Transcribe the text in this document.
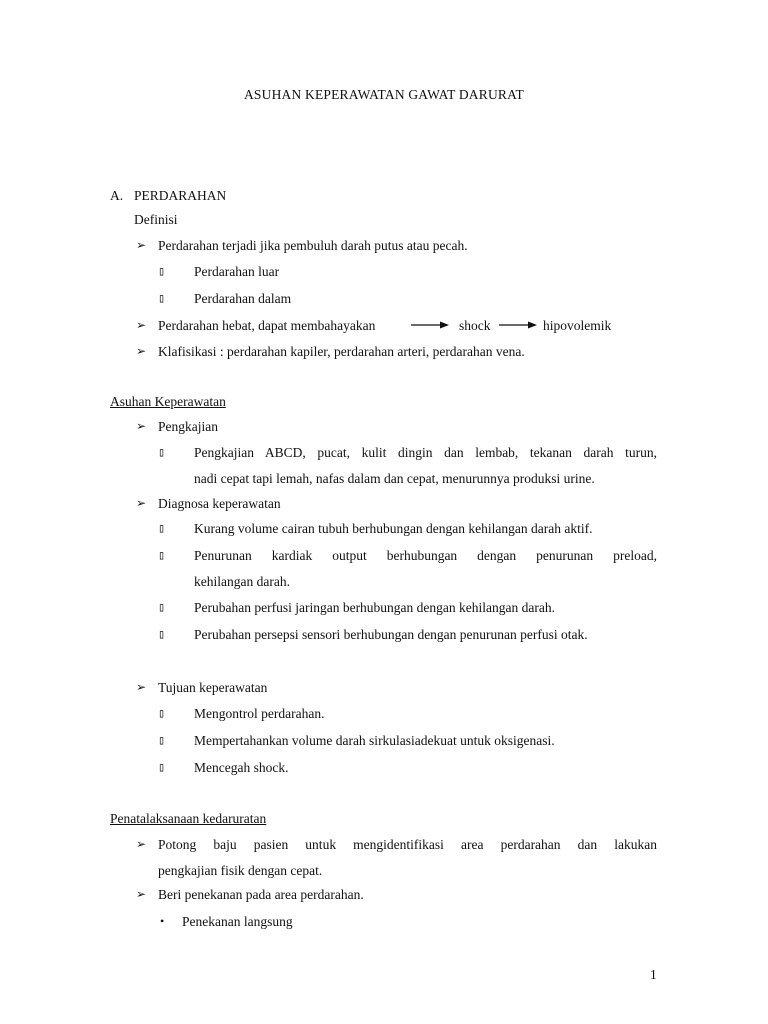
ASUHAN KEPERAWATAN GAWAT DARURAT
A. PERDARAHAN
Definisi
➢ Perdarahan terjadi jika pembuluh darah putus atau pecah.
▯ Perdarahan luar
▯ Perdarahan dalam
➢ Perdarahan hebat, dapat membahayakan	shock	hipovolemik
➢ Klafisikasi : perdarahan kapiler, perdarahan arteri, perdarahan vena.
Asuhan Keperawatan
➢ Pengkajian
▯ Pengkajian ABCD, pucat, kulit dingin dan lembab, tekanan darah turun,
nadi cepat tapi lemah, nafas dalam dan cepat, menurunnya produksi urine.
➢ Diagnosa keperawatan
▯ Kurang volume cairan tubuh berhubungan dengan kehilangan darah aktif.
▯ Penurunan kardiak output berhubungan dengan penurunan preload,
kehilangan darah.
▯ Perubahan perfusi jaringan berhubungan dengan kehilangan darah.
▯ Perubahan persepsi sensori berhubungan dengan penurunan perfusi otak.
➢ Tujuan keperawatan
▯ Mengontrol perdarahan.
▯ Mempertahankan volume darah sirkulasiadekuat untuk oksigenasi.
▯ Mencegah shock.
Penatalaksanaan kedaruratan
➢ Potong baju pasien untuk mengidentifikasi area perdarahan dan lakukan
pengkajian fisik dengan cepat.
➢ Beri penekanan pada area perdarahan.
• Penekanan langsung
1
